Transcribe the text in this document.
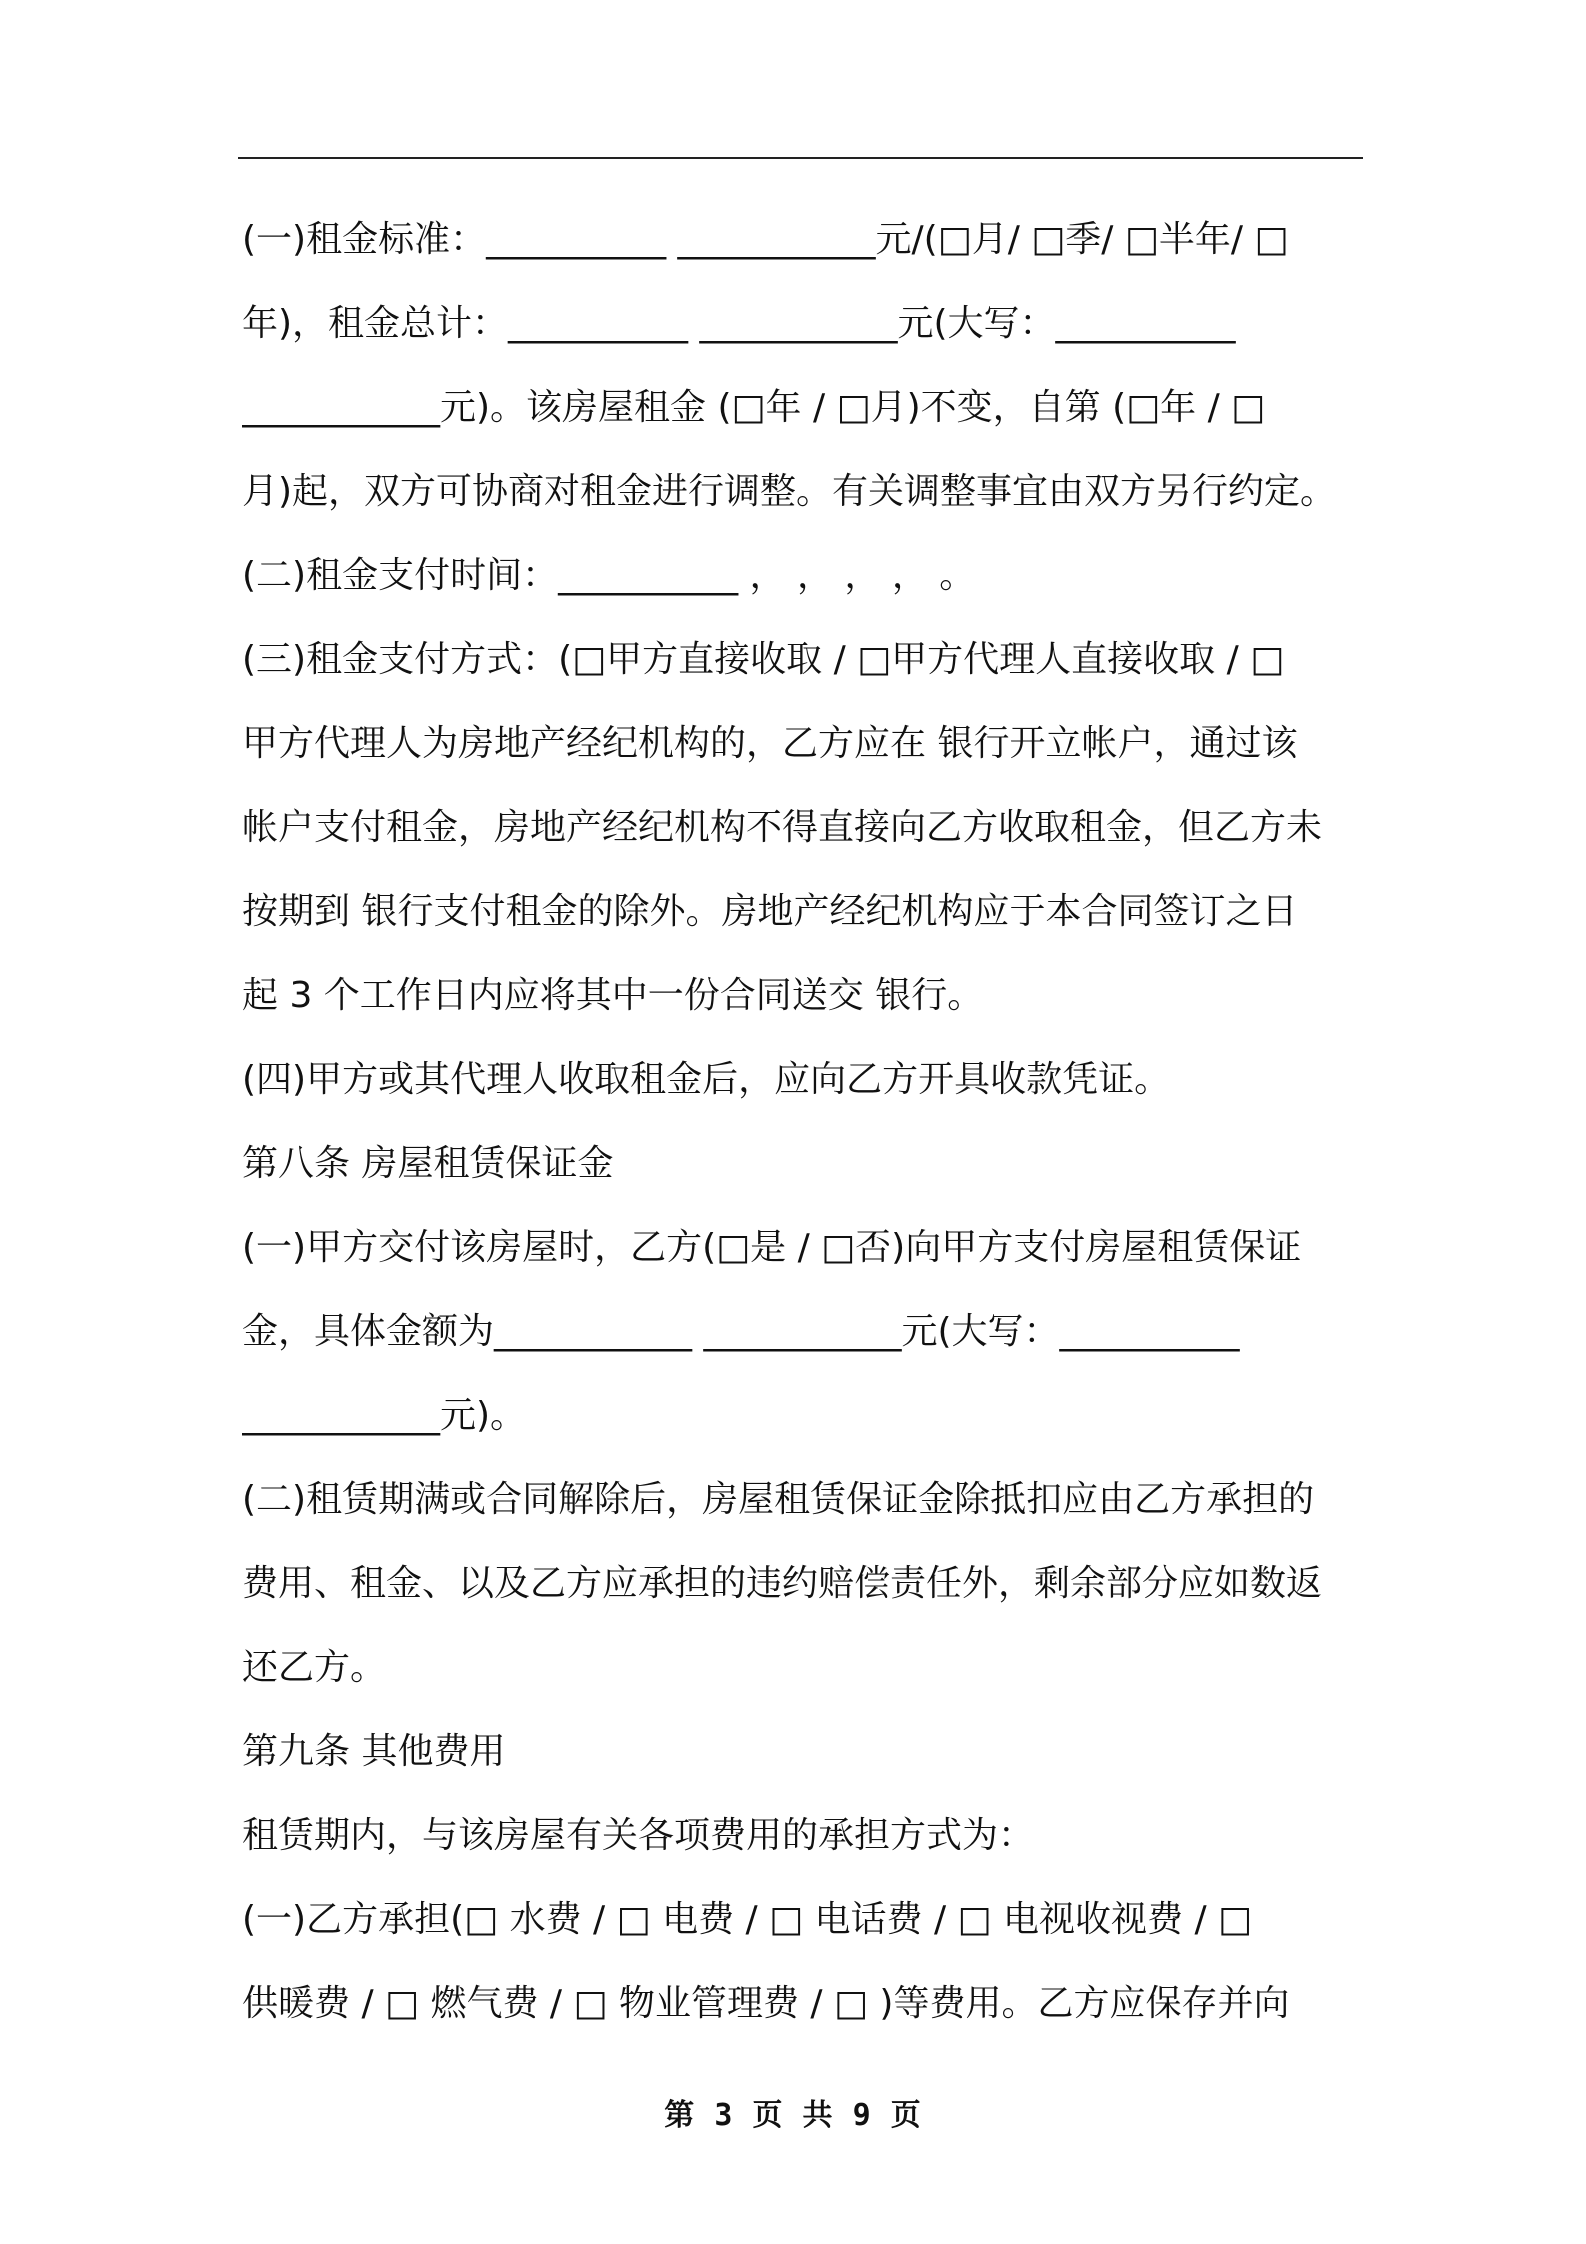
(一)租金标准：__________ ___________元/(□月/ □季/ □半年/ □
年)，租金总计：__________ ___________元(大写：__________
___________元)。该房屋租金 (□年 / □月)不变，自第 (□年 / □
月)起，双方可协商对租金进行调整。有关调整事宜由双方另行约定。
(二)租金支付时间：__________ ， ， ， ， 。
(三)租金支付方式：(□甲方直接收取 / □甲方代理人直接收取 / □
甲方代理人为房地产经纪机构的，乙方应在 银行开立帐户，通过该
帐户支付租金，房地产经纪机构不得直接向乙方收取租金，但乙方未
按期到 银行支付租金的除外。房地产经纪机构应于本合同签订之日
起 3 个工作日内应将其中一份合同送交 银行。
(四)甲方或其代理人收取租金后，应向乙方开具收款凭证。
第八条 房屋租赁保证金
(一)甲方交付该房屋时，乙方(□是 / □否)向甲方支付房屋租赁保证
金，具体金额为___________ ___________元(大写：__________
___________元)。
(二)租赁期满或合同解除后，房屋租赁保证金除抵扣应由乙方承担的
费用、租金、以及乙方应承担的违约赔偿责任外，剩余部分应如数返
还乙方。
第九条 其他费用
租赁期内，与该房屋有关各项费用的承担方式为：
(一)乙方承担(□ 水费 / □ 电费 / □ 电话费 / □ 电视收视费 / □
供暖费 / □ 燃气费 / □ 物业管理费 / □ )等费用。乙方应保存并向
第 3 页 共 9 页
